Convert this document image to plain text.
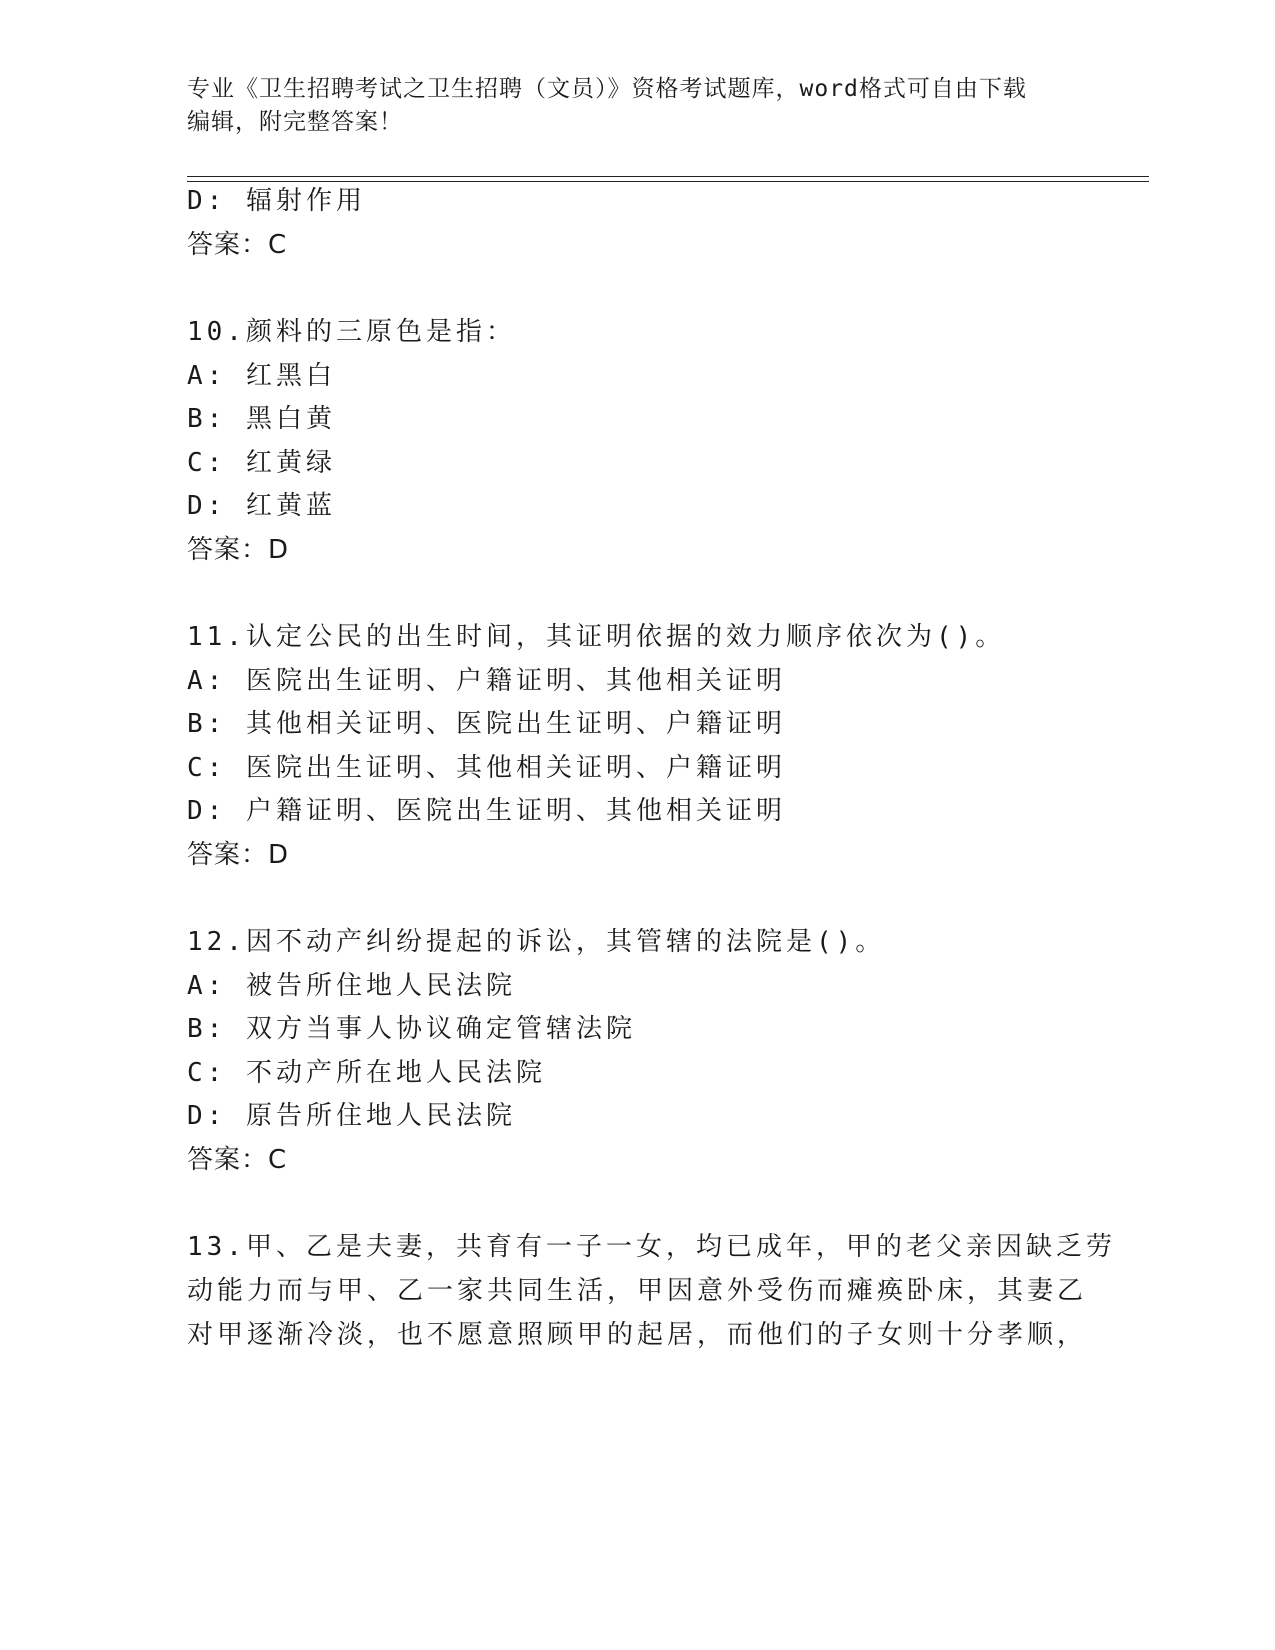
专业《卫生招聘考试之卫生招聘（文员）》资格考试题库，word格式可自由下载
编辑，附完整答案！
D: 辐射作用
答案：C
10.颜料的三原色是指：
A: 红黑白
B: 黑白黄
C: 红黄绿
D: 红黄蓝
答案：D
11.认定公民的出生时间，其证明依据的效力顺序依次为()。
A: 医院出生证明、户籍证明、其他相关证明
B: 其他相关证明、医院出生证明、户籍证明
C: 医院出生证明、其他相关证明、户籍证明
D: 户籍证明、医院出生证明、其他相关证明
答案：D
12.因不动产纠纷提起的诉讼，其管辖的法院是()。
A: 被告所住地人民法院
B: 双方当事人协议确定管辖法院
C: 不动产所在地人民法院
D: 原告所住地人民法院
答案：C
13.甲、乙是夫妻，共育有一子一女，均已成年，甲的老父亲因缺乏劳
动能力而与甲、乙一家共同生活，甲因意外受伤而瘫痪卧床，其妻乙
对甲逐渐冷淡，也不愿意照顾甲的起居，而他们的子女则十分孝顺，
